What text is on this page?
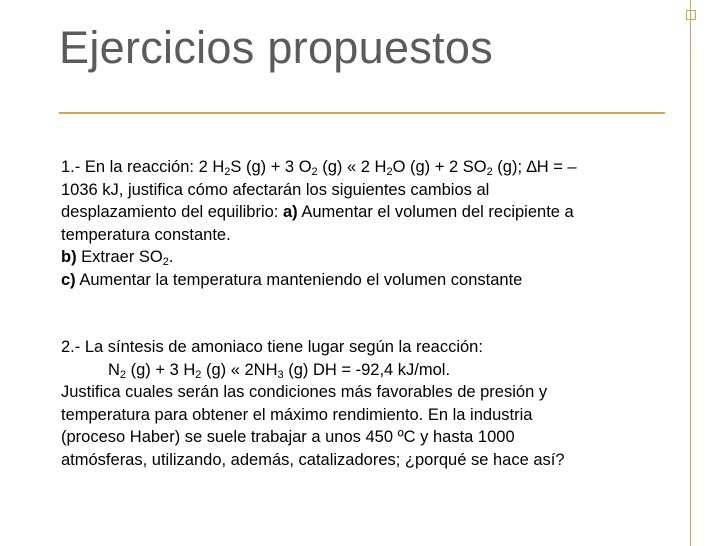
Ejercicios propuestos
1.- En la reacción: 2 $H_2S$ (g) + 3 $O_2$ (g) « 2 $H_2O$ (g) + 2 $SO_2$ (g); ∆H = –
1036 kJ, justifica cómo afectarán los siguientes cambios al
desplazamiento del equilibrio: a) Aumentar el volumen del recipiente a
temperatura constante.
b) Extraer $SO_2$.
c) Aumentar la temperatura manteniendo el volumen constante
2.- La síntesis de amoniaco tiene lugar según la reacción:
$N_2$ (g) + 3 $H_2$ (g) « $2NH_3$ (g) DH = -92,4 kJ/mol.
Justifica cuales serán las condiciones más favorables de presión y
temperatura para obtener el máximo rendimiento. En la industria
(proceso Haber) se suele trabajar a unos 450 ºC y hasta 1000
atmósferas, utilizando, además, catalizadores; ¿porqué se hace así?
